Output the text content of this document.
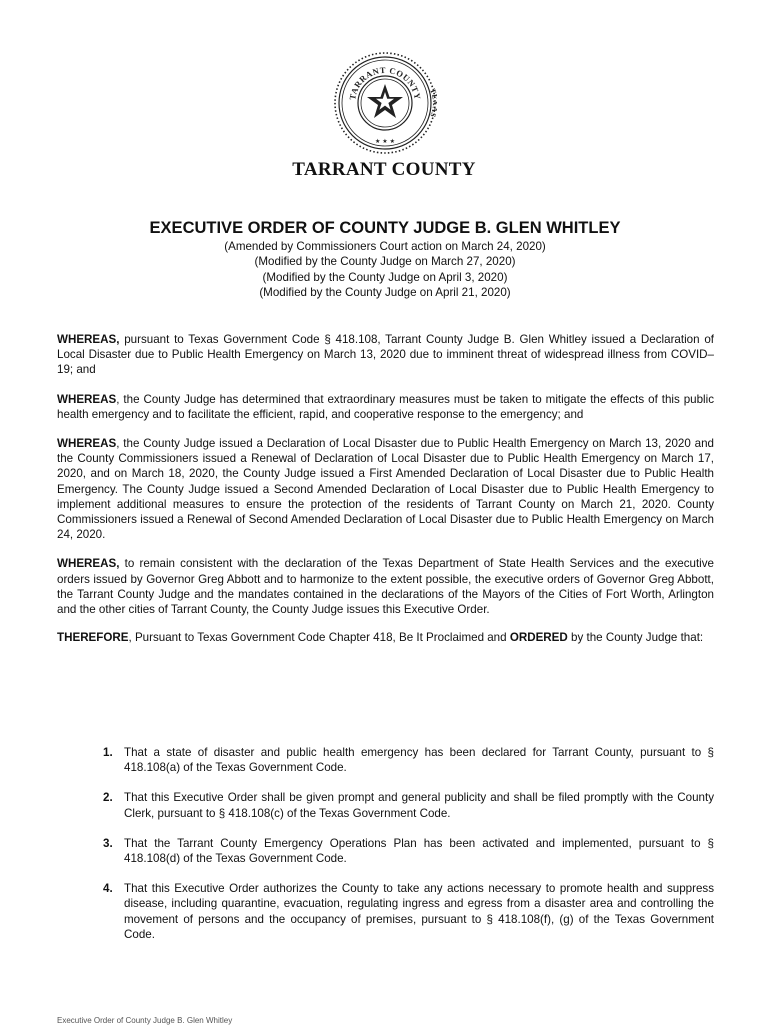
TARRANT COUNTY
★ ★ ★
TARRANT COUNTY
EXECUTIVE ORDER OF COUNTY JUDGE B. GLEN WHITLEY
(Amended by Commissioners Court action on March 24, 2020)
(Modified by the County Judge on March 27, 2020)
(Modified by the County Judge on April 3, 2020)
(Modified by the County Judge on April 21, 2020)

WHEREAS, pursuant to Texas Government Code § 418.108, Tarrant County Judge B. Glen Whitley issued a Declaration of Local Disaster due to Public Health Emergency on March 13, 2020 due to imminent threat of widespread illness from COVID–19; and

WHEREAS, the County Judge has determined that extraordinary measures must be taken to mitigate the effects of this public health emergency and to facilitate the efficient, rapid, and cooperative response to the emergency; and

WHEREAS, the County Judge issued a Declaration of Local Disaster due to Public Health Emergency on March 13, 2020 and the County Commissioners issued a Renewal of Declaration of Local Disaster due to Public Health Emergency on March 17, 2020, and on March 18, 2020, the County Judge issued a First Amended Declaration of Local Disaster due to Public Health Emergency. The County Judge issued a Second Amended Declaration of Local Disaster due to Public Health Emergency to implement additional measures to ensure the protection of the residents of Tarrant County on March 21, 2020. County Commissioners issued a Renewal of Second Amended Declaration of Local Disaster due to Public Health Emergency on March 24, 2020.

WHEREAS, to remain consistent with the declaration of the Texas Department of State Health Services and the executive orders issued by Governor Greg Abbott and to harmonize to the extent possible, the executive orders of Governor Greg Abbott, the Tarrant County Judge and the mandates contained in the declarations of the Mayors of the Cities of Fort Worth, Arlington and the other cities of Tarrant County, the County Judge issues this Executive Order.

THEREFORE, Pursuant to Texas Government Code Chapter 418, Be It Proclaimed and ORDERED by the County Judge that:

1. That a state of disaster and public health emergency has been declared for Tarrant County, pursuant to § 418.108(a) of the Texas Government Code.
2. That this Executive Order shall be given prompt and general publicity and shall be filed promptly with the County Clerk, pursuant to § 418.108(c) of the Texas Government Code.
3. That the Tarrant County Emergency Operations Plan has been activated and implemented, pursuant to § 418.108(d) of the Texas Government Code.
4. That this Executive Order authorizes the County to take any actions necessary to promote health and suppress disease, including quarantine, evacuation, regulating ingress and egress from a disaster area and controlling the movement of persons and the occupancy of premises, pursuant to § 418.108(f), (g) of the Texas Government Code.
Executive Order of County Judge B. Glen Whitley
